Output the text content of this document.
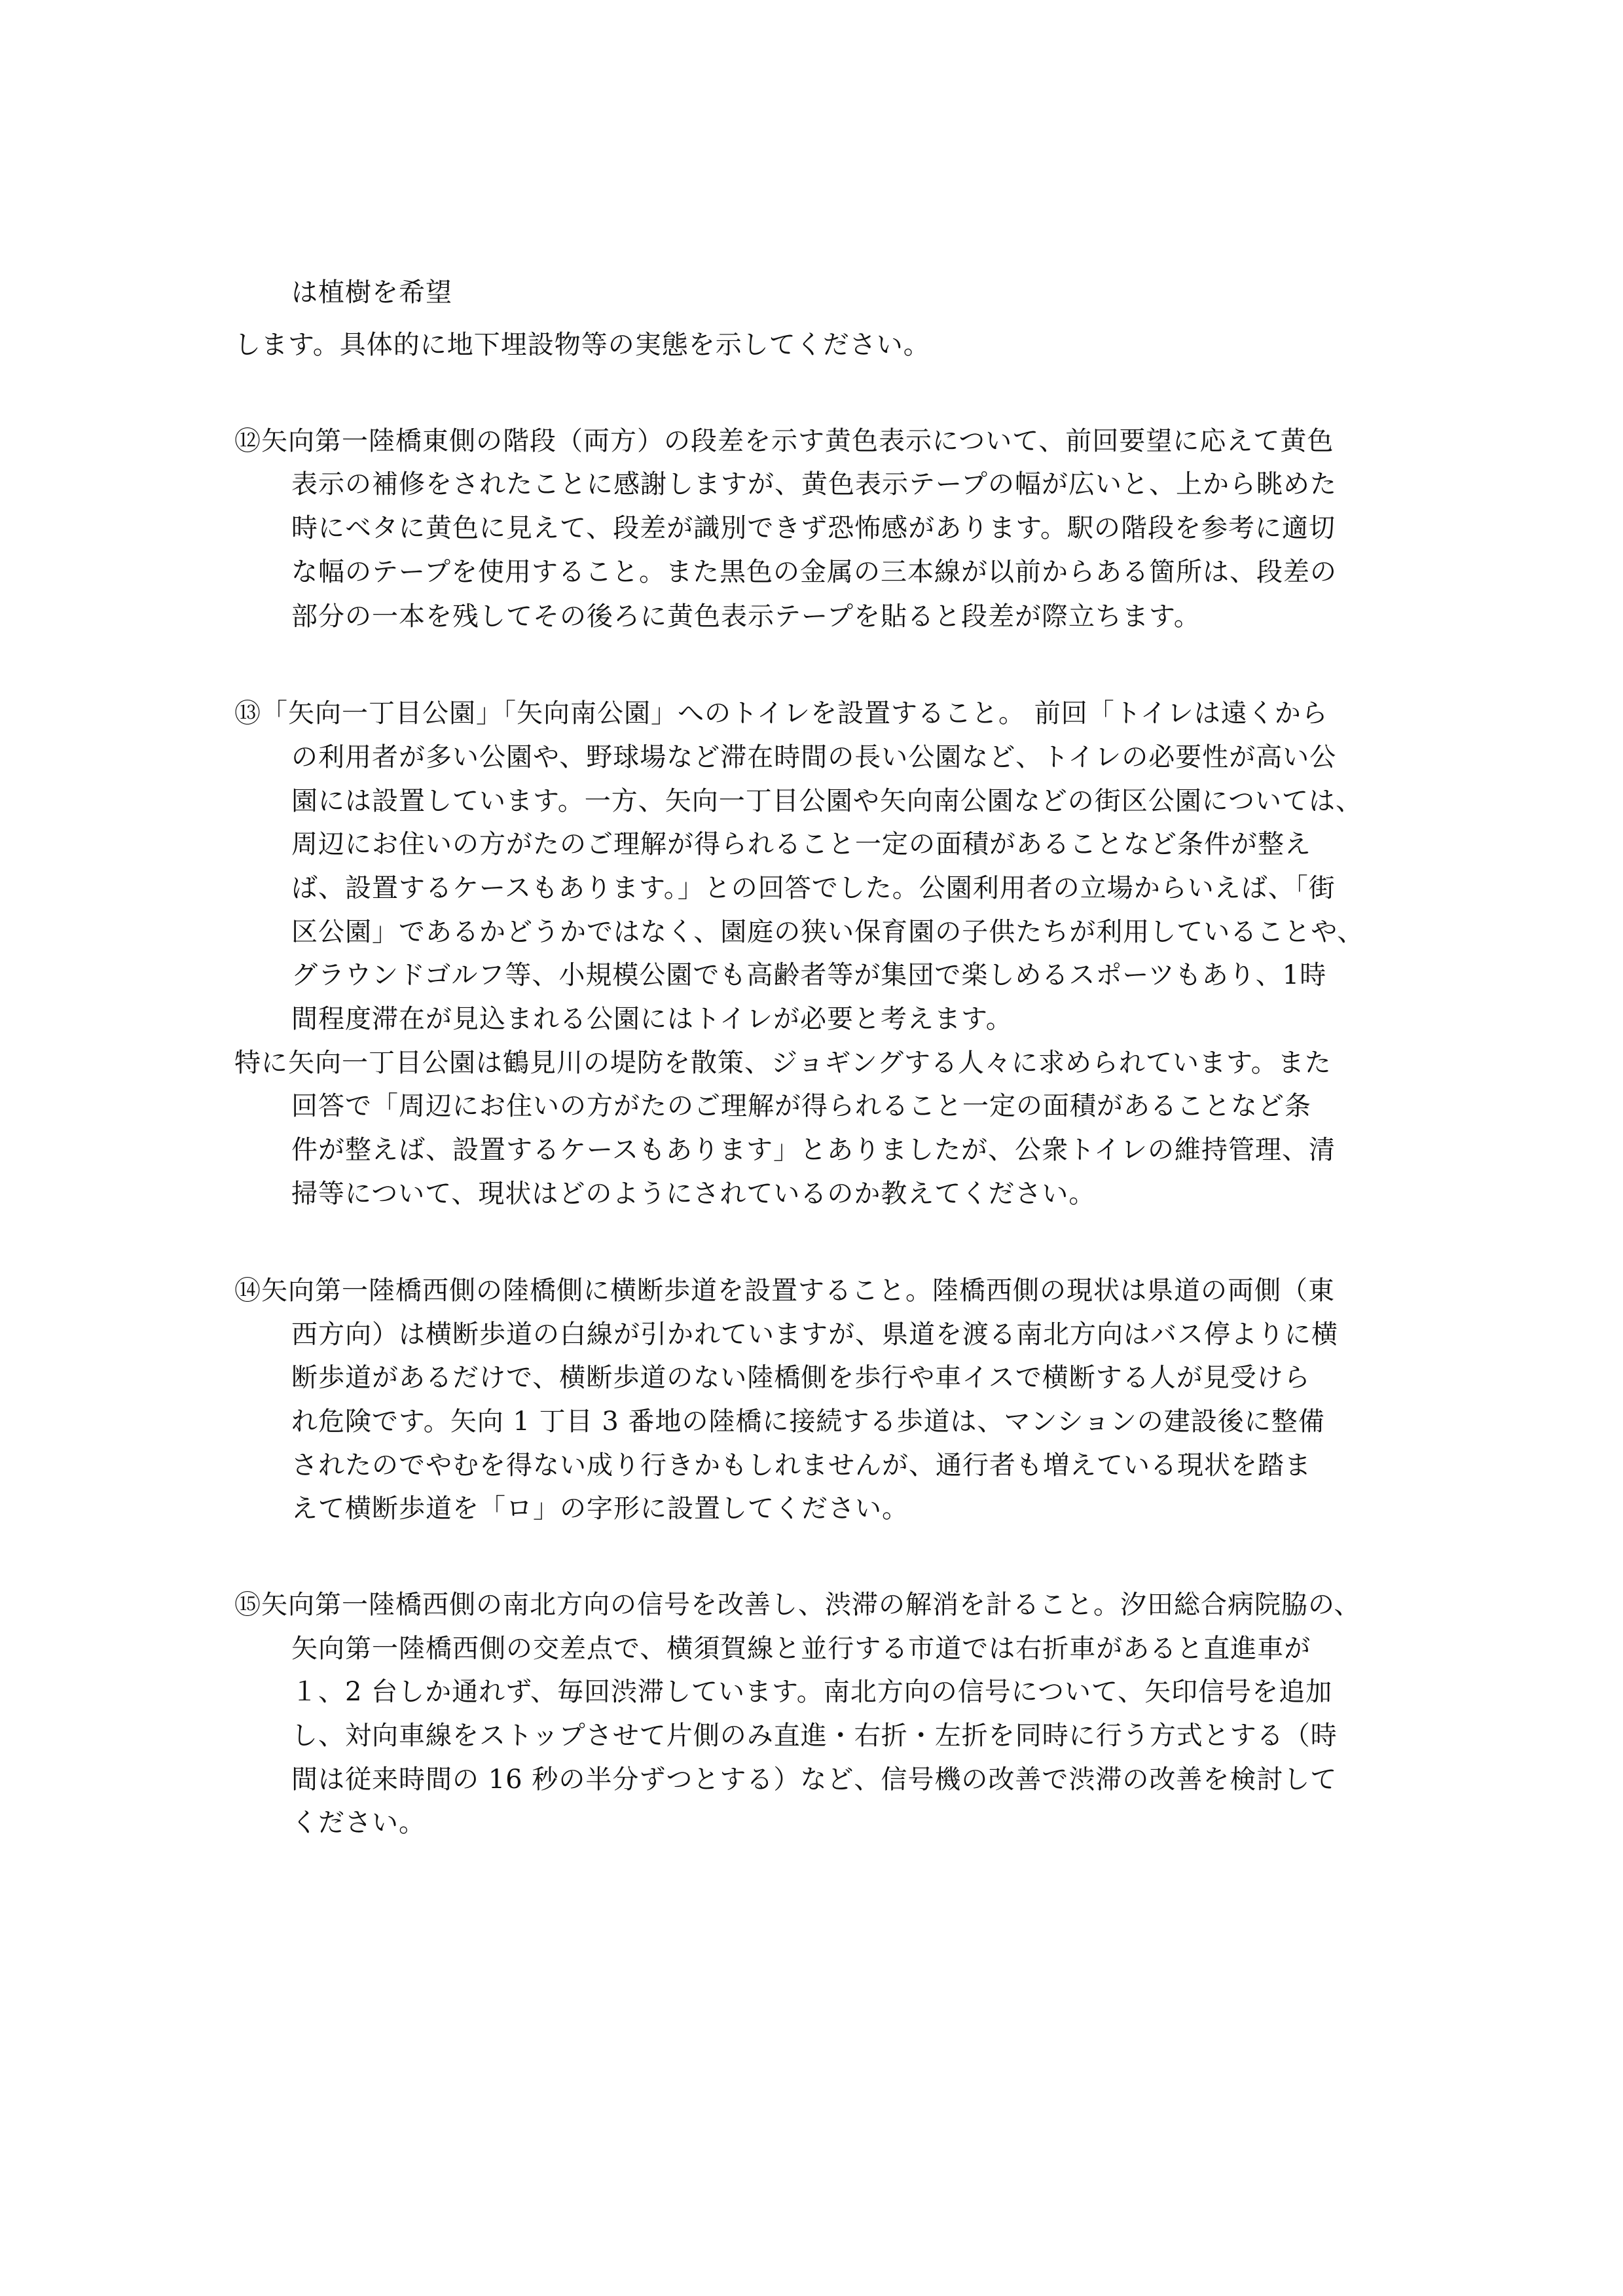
は植樹を希望
します。具体的に地下埋設物等の実態を示してください。
⑫矢向第一陸橋東側の階段（両方）の段差を示す黄色表示について、前回要望に応えて黄色
表示の補修をされたことに感謝しますが、黄色表示テープの幅が広いと、上から眺めた
時にベタに黄色に見えて、段差が識別できず恐怖感があります。駅の階段を参考に適切
な幅のテープを使用すること。また黒色の金属の三本線が以前からある箇所は、段差の
部分の一本を残してその後ろに黄色表示テープを貼ると段差が際立ちます。
⑬「矢向一丁目公園」「矢向南公園」へのトイレを設置すること。 前回「トイレは遠くから
の利用者が多い公園や、野球場など滞在時間の長い公園など、トイレの必要性が高い公
園には設置しています。一方、矢向一丁目公園や矢向南公園などの街区公園については、
周辺にお住いの方がたのご理解が得られること一定の面積があることなど条件が整え
ば、設置するケースもあります。」との回答でした。公園利用者の立場からいえば、「街
区公園」であるかどうかではなく、園庭の狭い保育園の子供たちが利用していることや、
グラウンドゴルフ等、小規模公園でも高齢者等が集団で楽しめるスポーツもあり、1時
間程度滞在が見込まれる公園にはトイレが必要と考えます。
特に矢向一丁目公園は鶴見川の堤防を散策、ジョギングする人々に求められています。また
回答で「周辺にお住いの方がたのご理解が得られること一定の面積があることなど条
件が整えば、設置するケースもあります」とありましたが、公衆トイレの維持管理、清
掃等について、現状はどのようにされているのか教えてください。
⑭矢向第一陸橋西側の陸橋側に横断歩道を設置すること。陸橋西側の現状は県道の両側（東
西方向）は横断歩道の白線が引かれていますが、県道を渡る南北方向はバス停よりに横
断歩道があるだけで、横断歩道のない陸橋側を歩行や車イスで横断する人が見受けら
れ危険です。矢向 1 丁目 3 番地の陸橋に接続する歩道は、マンションの建設後に整備
されたのでやむを得ない成り行きかもしれませんが、通行者も増えている現状を踏ま
えて横断歩道を「ロ」の字形に設置してください。
⑮矢向第一陸橋西側の南北方向の信号を改善し、渋滞の解消を計ること。汐田総合病院脇の、
矢向第一陸橋西側の交差点で、横須賀線と並行する市道では右折車があると直進車が
１、2 台しか通れず、毎回渋滞しています。南北方向の信号について、矢印信号を追加
し、対向車線をストップさせて片側のみ直進・右折・左折を同時に行う方式とする（時
間は従来時間の 16 秒の半分ずつとする）など、信号機の改善で渋滞の改善を検討して
ください。
